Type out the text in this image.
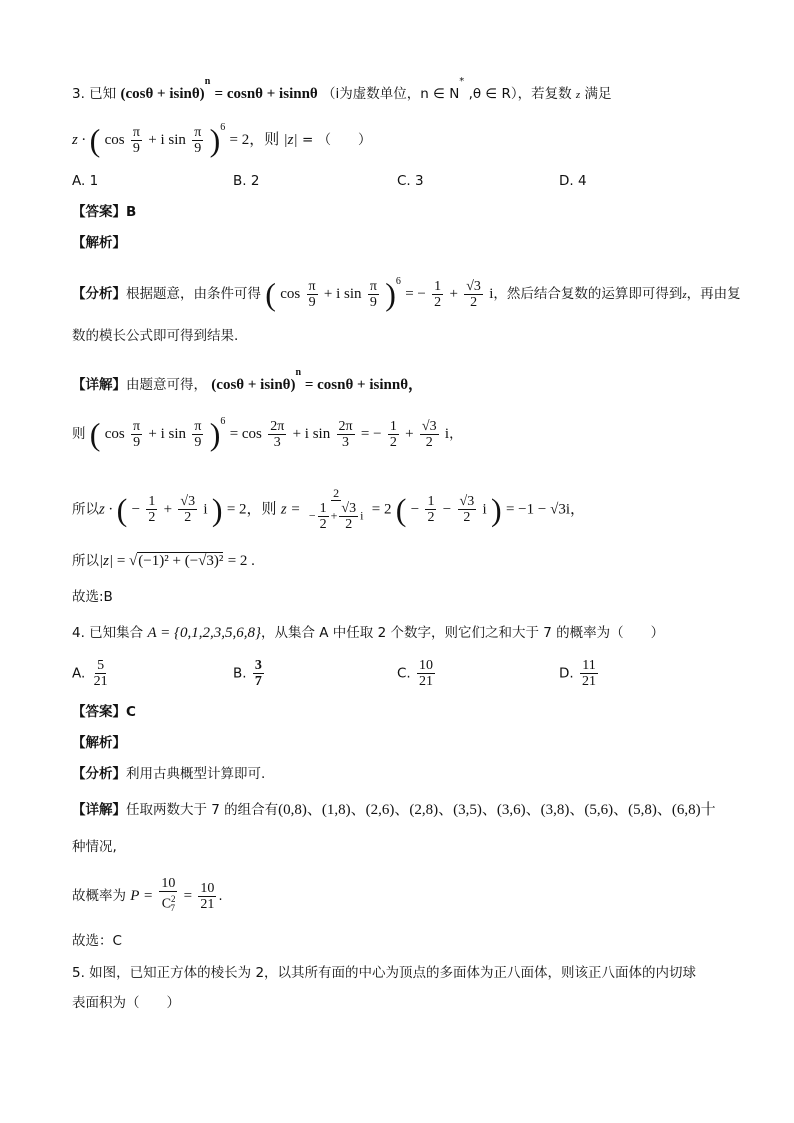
3. 已知 $(\cos\theta + isin\theta)^n = \cos n\theta + isinn\theta$ （i为虚数单位，n ∈ N* ,θ ∈ R），若复数 z 满足
z · ( $\cos \frac{\pi}{9} + i$ $\sin \frac{\pi}{9} )^6 = 2$，则 |z| = （　　）
A. 1	B. 2	C. 3	D. 4
【答案】B
【解析】
【分析】根据题意，由条件可得 ( $\cos \frac{\pi}{9} + i$ $\sin \frac{\pi}{9} )^6$ = − $\frac{1}{2} + \frac{√3}{2}$ i，然后结合复数的运算即可得到z，再由复
数的模长公式即可得到结果.
【详解】由题意可得， $(\cos\theta + isin\theta)^n = \cos n\theta + isinn\theta$，
则 ( $\cos \frac{\pi}{9} + i$ $\sin \frac{\pi}{9} )^6 = \cos \frac{2\pi}{3} + i$ $\sin \frac{2\pi}{3}$ = − $\frac{1}{2} + \frac{√3}{2}$ i，
所以z · ( − $\frac{1}{2} + \frac{√3}{2}$ i ) = 2，则 $z = \frac{2}{- \frac{1}{2} + \frac{√3}{2} i} = 2$ ( − $\frac{1}{2} - \frac{√3}{2}$ i ) = −1 − √3i，
所以|z| = √(−1)² + (−√3)² = 2 .
故选:B
4. 已知集合 A = {0,1,2,3,5,6,8}，从集合 A 中任取 2 个数字，则它们之和大于 7 的概率为（　　）
A. $\frac{5}{21}$	B. $\frac{3}{7}$	C. $\frac{10}{21}$	D. $\frac{11}{21}$
【答案】C
【解析】
【分析】利用古典概型计算即可.
【详解】任取两数大于 7 的组合有(0,8)、(1,8)、(2,6)、(2,8)、(3,5)、(3,6)、(3,8)、(5,6)、(5,8)、(6,8)十
种情况,
故概率为 $P = \frac{10}{C^2_7} = \frac{10}{21}$ .
故选：C
5. 如图，已知正方体的棱长为 2，以其所有面的中心为顶点的多面体为正八面体，则该正八面体的内切球
表面积为（　　）
